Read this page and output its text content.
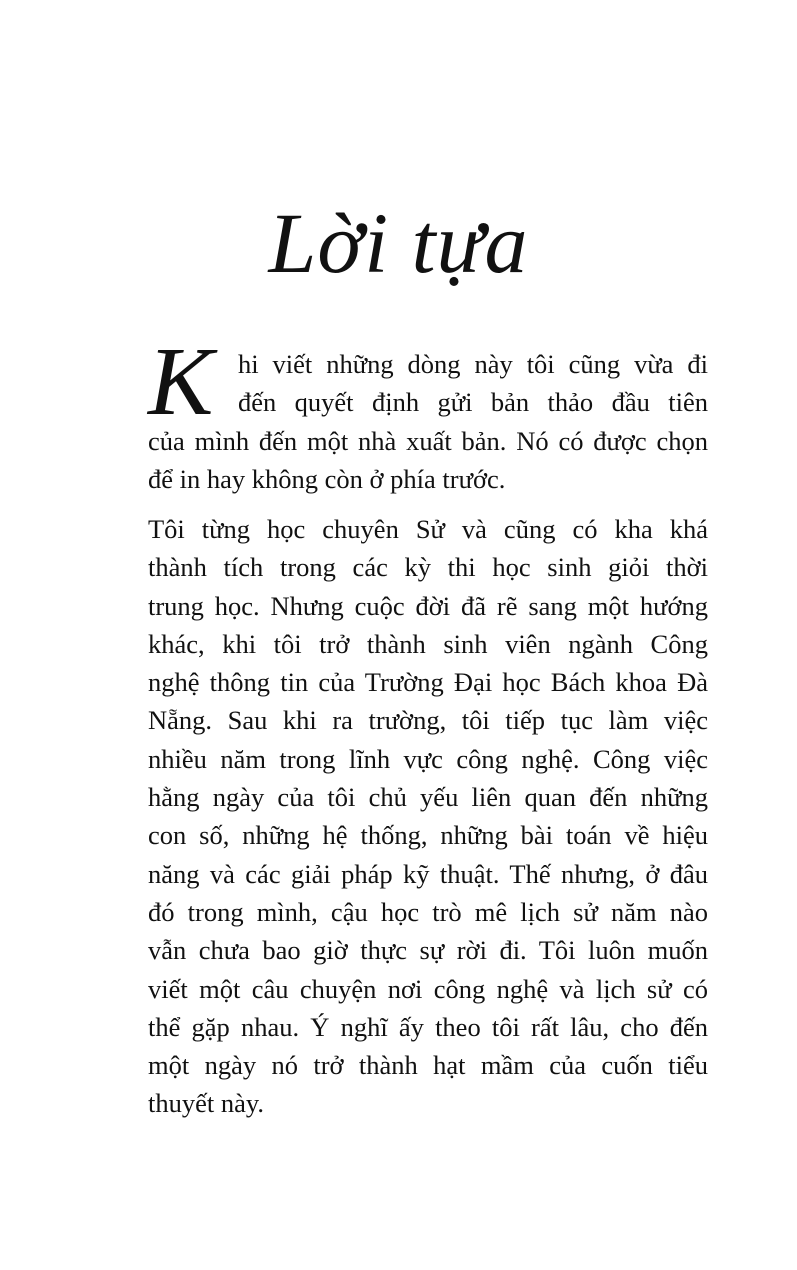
Lời tựa
K hi viết những dòng này tôi cũng vừa đi
đến quyết định gửi bản thảo đầu tiên
của mình đến một nhà xuất bản. Nó có được chọn
để in hay không còn ở phía trước.
Tôi từng học chuyên Sử và cũng có kha khá
thành tích trong các kỳ thi học sinh giỏi thời
trung học. Nhưng cuộc đời đã rẽ sang một hướng
khác, khi tôi trở thành sinh viên ngành Công
nghệ thông tin của Trường Đại học Bách khoa Đà
Nẵng. Sau khi ra trường, tôi tiếp tục làm việc
nhiều năm trong lĩnh vực công nghệ. Công việc
hằng ngày của tôi chủ yếu liên quan đến những
con số, những hệ thống, những bài toán về hiệu
năng và các giải pháp kỹ thuật. Thế nhưng, ở đâu
đó trong mình, cậu học trò mê lịch sử năm nào
vẫn chưa bao giờ thực sự rời đi. Tôi luôn muốn
viết một câu chuyện nơi công nghệ và lịch sử có
thể gặp nhau. Ý nghĩ ấy theo tôi rất lâu, cho đến
một ngày nó trở thành hạt mầm của cuốn tiểu
thuyết này.
